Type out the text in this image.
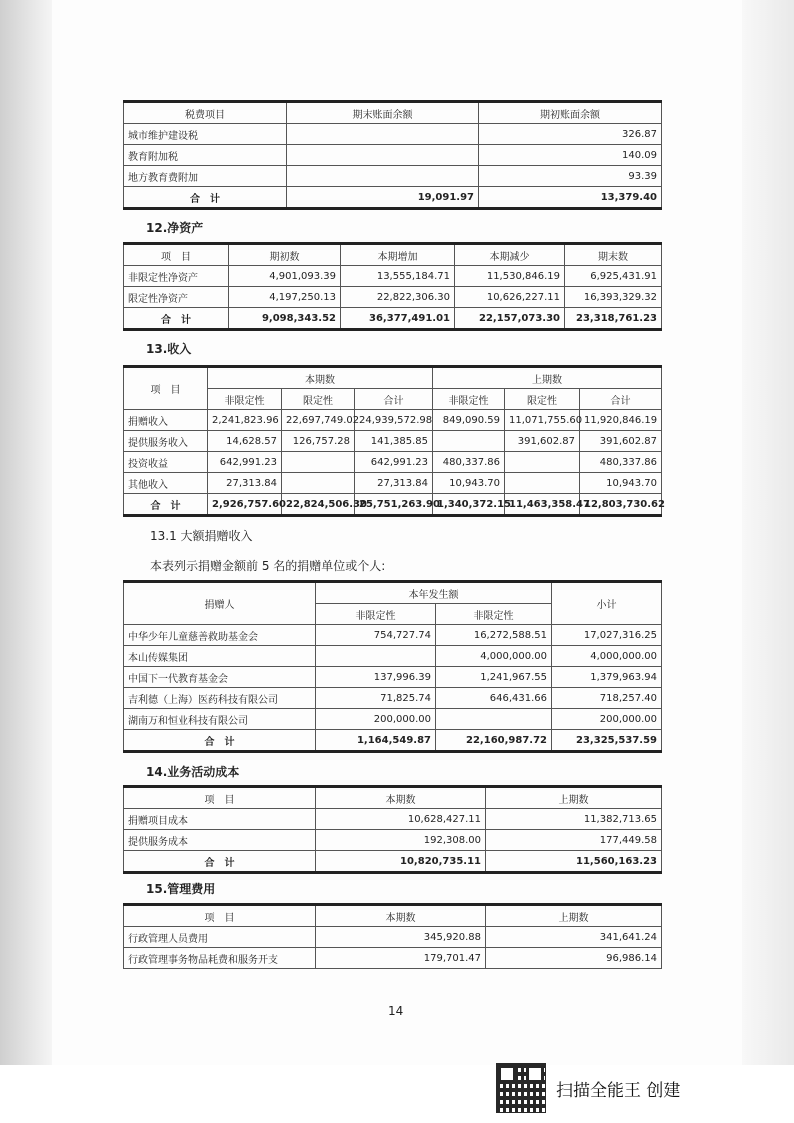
税费项目	期末账面余额	期初账面余额
城市维护建设税		326.87
教育附加税		140.09
地方教育费附加		93.39
合　计	19,091.97	13,379.40
12.净资产
项　目	期初数	本期增加	本期减少	期末数
非限定性净资产	4,901,093.39	13,555,184.71	11,530,846.19	6,925,431.91
限定性净资产	4,197,250.13	22,822,306.30	10,626,227.11	16,393,329.32
合　计	9,098,343.52	36,377,491.01	22,157,073.30	23,318,761.23
13.收入
项　目	本期数			上期数		
	非限定性	限定性	合计	非限定性	限定性	合计
捐赠收入	2,241,823.96	22,697,749.02	24,939,572.98	849,090.59	11,071,755.60	11,920,846.19
提供服务收入	14,628.57	126,757.28	141,385.85		391,602.87	391,602.87
投资收益	642,991.23		642,991.23	480,337.86		480,337.86
其他收入	27,313.84		27,313.84	10,943.70		10,943.70
合　计	2,926,757.60	22,824,506.30	25,751,263.90	1,340,372.15	11,463,358.47	12,803,730.62
13.1 大额捐赠收入
本表列示捐赠金额前 5 名的捐赠单位或个人:
捐赠人	本年发生额		小计
	非限定性	非限定性	
中华少年儿童慈善救助基金会	754,727.74	16,272,588.51	17,027,316.25
本山传媒集团		4,000,000.00	4,000,000.00
中国下一代教育基金会	137,996.39	1,241,967.55	1,379,963.94
吉利德（上海）医药科技有限公司	71,825.74	646,431.66	718,257.40
湖南万和恒业科技有限公司	200,000.00		200,000.00
合　计	1,164,549.87	22,160,987.72	23,325,537.59
14.业务活动成本
项　目	本期数	上期数
捐赠项目成本	10,628,427.11	11,382,713.65
提供服务成本	192,308.00	177,449.58
合　计	10,820,735.11	11,560,163.23
15.管理费用
项　目	本期数	上期数
行政管理人员费用	345,920.88	341,641.24
行政管理事务物品耗费和服务开支	179,701.47	96,986.14
14
扫描全能王 创建
